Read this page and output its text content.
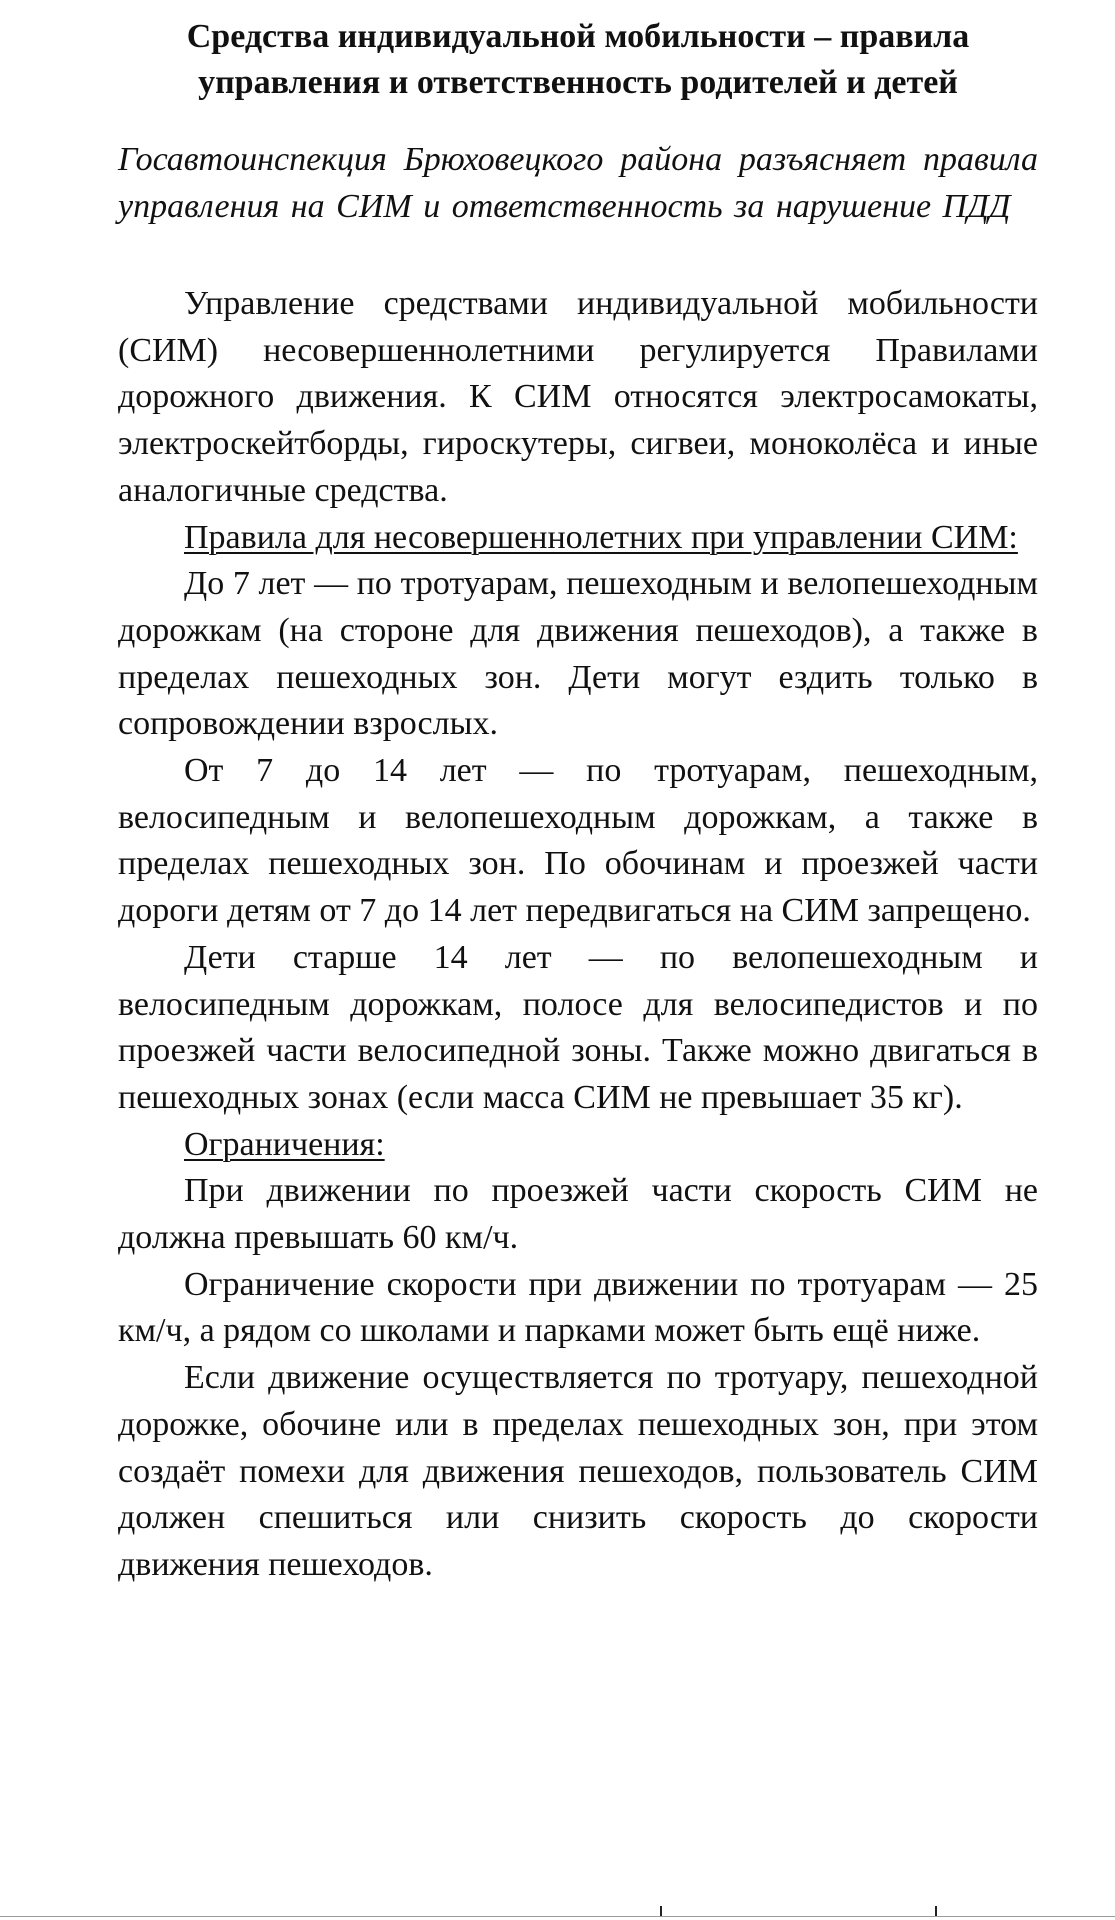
Средства индивидуальной мобильности – правила управления и ответственность родителей и детей
Госавтоинспекция Брюховецкого района разъясняет правила управления на СИМ и ответственность за нарушение ПДД

Управление средствами индивидуальной мобильности (СИМ) несовершеннолетними регулируется Правилами дорожного движения. К СИМ относятся электросамокаты, электроскейтборды, гироскутеры, сигвеи, моноколёса и иные аналогичные средства.

Правила для несовершеннолетних при управлении СИМ:

До 7 лет — по тротуарам, пешеходным и велопешеходным дорожкам (на стороне для движения пешеходов), а также в пределах пешеходных зон. Дети могут ездить только в сопровождении взрослых.

От 7 до 14 лет — по тротуарам, пешеходным, велосипедным и велопешеходным дорожкам, а также в пределах пешеходных зон. По обочинам и проезжей части дороги детям от 7 до 14 лет передвигаться на СИМ запрещено.

Дети старше 14 лет — по велопешеходным и велосипедным дорожкам, полосе для велосипедистов и по проезжей части велосипедной зоны. Также можно двигаться в пешеходных зонах (если масса СИМ не превышает 35 кг).

Ограничения:

При движении по проезжей части скорость СИМ не должна превышать 60 км/ч.

Ограничение скорости при движении по тротуарам — 25 км/ч, а рядом со школами и парками может быть ещё ниже.

Если движение осуществляется по тротуару, пешеходной дорожке, обочине или в пределах пешеходных зон, при этом создаёт помехи для движения пешеходов, пользователь СИМ должен спешиться или снизить скорость до скорости движения пешеходов.
